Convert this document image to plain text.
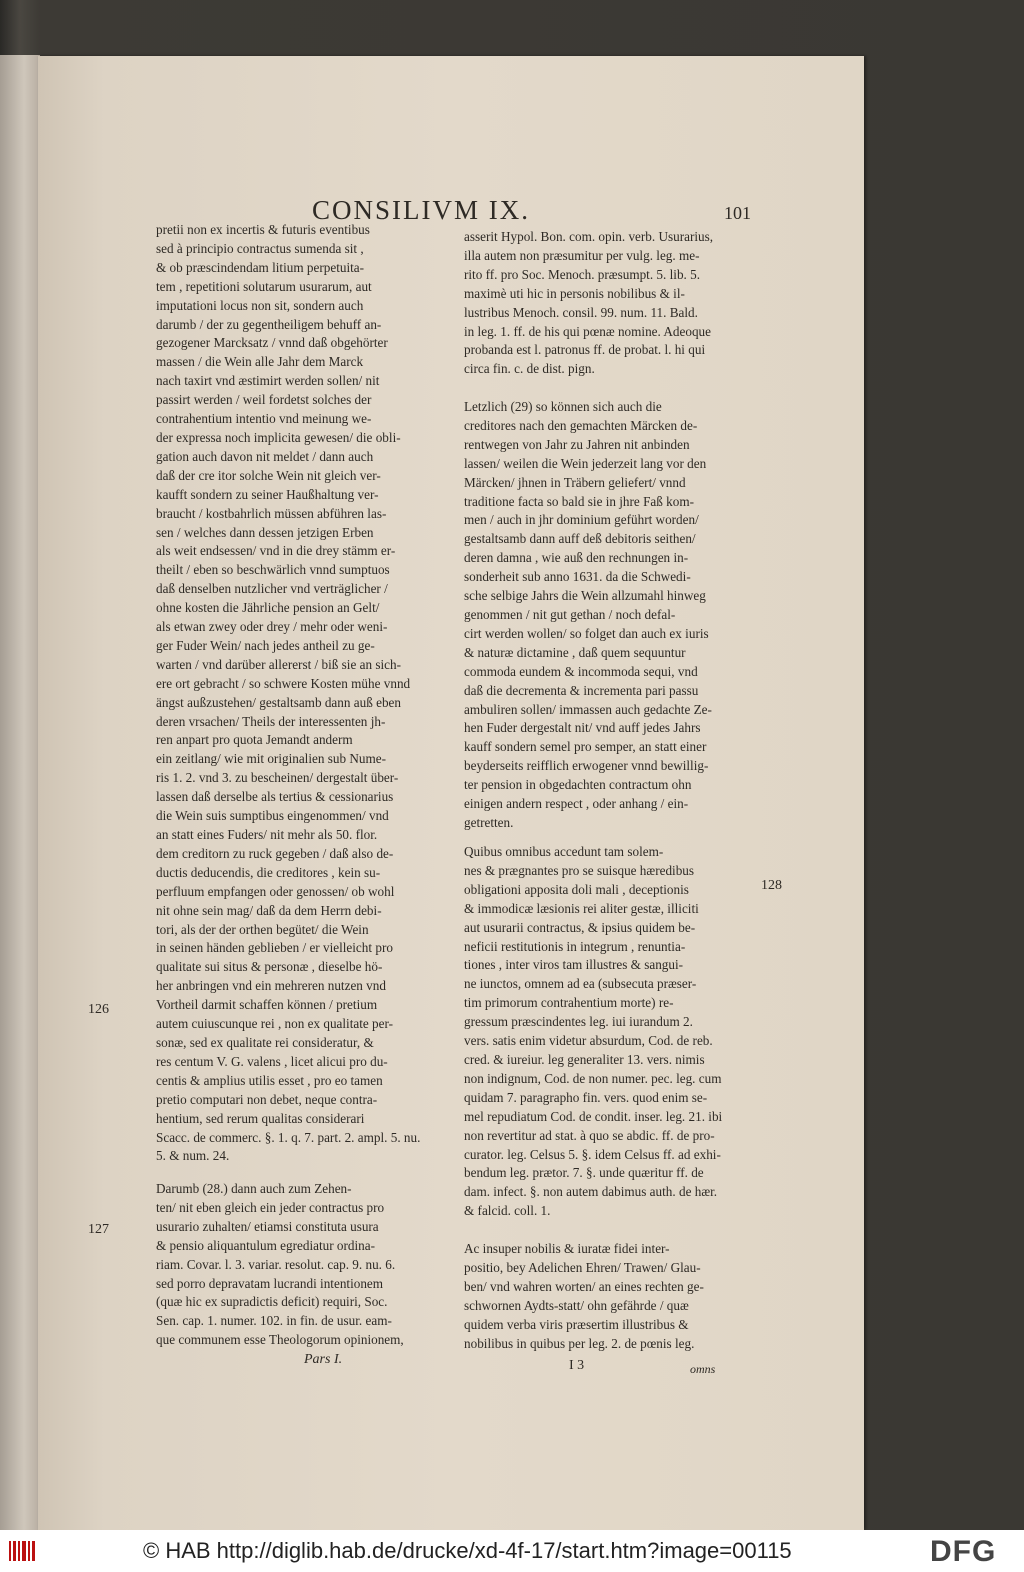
CONSILIVM IX.	101
pretii non ex incertis & futuris eventibus
sed à principio contractus sumenda sit ,
& ob præscindendam litium perpetuita-
tem , repetitioni solutarum usurarum, aut
imputationi locus non sit, sondern auch
darumb / der zu gegentheiligem behuff an-
gezogener Marcksatz / vnnd daß obgehörter
massen / die Wein alle Jahr dem Marck
nach taxirt vnd æstimirt werden sollen/ nit
passirt werden / weil fordetst solches der
contrahentium intentio vnd meinung we-
der expressa noch implicita gewesen/ die obli-
gation auch davon nit meldet / dann auch
daß der cre itor solche Wein nit gleich ver-
kaufft sondern zu seiner Haußhaltung ver-
braucht / kostbahrlich müssen abführen las-
sen / welches dann dessen jetzigen Erben
als weit endsessen/ vnd in die drey stämm er-
theilt / eben so beschwärlich vnnd sumptuos
daß denselben nutzlicher vnd verträglicher /
ohne kosten die Jährliche pension an Gelt/
als etwan zwey oder drey / mehr oder weni-
ger Fuder Wein/ nach jedes antheil zu ge-
warten / vnd darüber allererst / biß sie an sich-
ere ort gebracht / so schwere Kosten mühe vnnd
ängst außzustehen/ gestaltsamb dann auß eben
deren vrsachen/ Theils der interessenten jh-
ren anpart pro quota Jemandt anderm
ein zeitlang/ wie mit originalien sub Nume-
ris 1. 2. vnd 3. zu bescheinen/ dergestalt über-
lassen daß derselbe als tertius & cessionarius
die Wein suis sumptibus eingenommen/ vnd
an statt eines Fuders/ nit mehr als 50. flor.
dem creditorn zu ruck gegeben / daß also de-
ductis deducendis, die creditores , kein su-
perfluum empfangen oder genossen/ ob wohl
nit ohne sein mag/ daß da dem Herrn debi-
tori, als der der orthen begütet/ die Wein
in seinen händen geblieben / er vielleicht pro
qualitate sui situs & personæ , dieselbe hö-
her anbringen vnd ein mehreren nutzen vnd
Vortheil darmit schaffen können / pretium
autem cuiuscunque rei , non ex qualitate per-
sonæ, sed ex qualitate rei consideratur, &
res centum V. G. valens , licet alicui pro du-
centis & amplius utilis esset , pro eo tamen
pretio computari non debet, neque contra-
hentium, sed rerum qualitas considerari
Scacc. de commerc. §. 1. q. 7. part. 2. ampl. 5. nu.
5. & num. 24.
Darumb (28.) dann auch zum Zehen-
ten/ nit eben gleich ein jeder contractus pro
usurario zuhalten/ etiamsi constituta usura
& pensio aliquantulum egrediatur ordina-
riam. Covar. l. 3. variar. resolut. cap. 9. nu. 6.
sed porro depravatam lucrandi intentionem
(quæ hic ex supradictis deficit) requiri, Soc.
Sen. cap. 1. numer. 102. in fin. de usur. eam-
que communem esse Theologorum opinionem,
asserit Hypol. Bon. com. opin. verb. Usurarius,
illa autem non præsumitur per vulg. leg. me-
rito ff. pro Soc. Menoch. præsumpt. 5. lib. 5.
maximè uti hic in personis nobilibus & il-
lustribus Menoch. consil. 99. num. 11. Bald.
in leg. 1. ff. de his qui pœnæ nomine. Adeoque
probanda est l. patronus ff. de probat. l. hi qui
circa fin. c. de dist. pign.
Letzlich (29) so können sich auch die
creditores nach den gemachten Märcken de-
rentwegen von Jahr zu Jahren nit anbinden
lassen/ weilen die Wein jederzeit lang vor den
Märcken/ jhnen in Träbern geliefert/ vnnd
traditione facta so bald sie in jhre Faß kom-
men / auch in jhr dominium geführt worden/
gestaltsamb dann auff deß debitoris seithen/
deren damna , wie auß den rechnungen in-
sonderheit sub anno 1631. da die Schwedi-
sche selbige Jahrs die Wein allzumahl hinweg
genommen / nit gut gethan / noch defal-
cirt werden wollen/ so folget dan auch ex iuris
& naturæ dictamine , daß quem sequuntur
commoda eundem & incommoda sequi, vnd
daß die decrementa & incrementa pari passu
ambuliren sollen/ immassen auch gedachte Ze-
hen Fuder dergestalt nit/ vnd auff jedes Jahrs
kauff sondern semel pro semper, an statt einer
beyderseits reifflich erwogener vnnd bewillig-
ter pension in obgedachten contractum ohn
einigen andern respect , oder anhang / ein-
getretten.
Quibus omnibus accedunt tam solem-
nes & prægnantes pro se suisque hæredibus
obligationi apposita doli mali , deceptionis
& immodicæ læsionis rei aliter gestæ, illiciti
aut usurarii contractus, & ipsius quidem be-
neficii restitutionis in integrum , renuntia-
tiones , inter viros tam illustres & sangui-
ne iunctos, omnem ad ea (subsecuta præser-
tim primorum contrahentium morte) re-
gressum præscindentes leg. iui iurandum 2.
vers. satis enim videtur absurdum, Cod. de reb.
cred. & iureiur. leg generaliter 13. vers. nimis
non indignum, Cod. de non numer. pec. leg. cum
quidam 7. paragrapho fin. vers. quod enim se-
mel repudiatum Cod. de condit. inser. leg. 21. ibi
non revertitur ad stat. à quo se abdic. ff. de pro-
curator. leg. Celsus 5. §. idem Celsus ff. ad exhi-
bendum leg. prætor. 7. §. unde quæritur ff. de
dam. infect. §. non autem dabimus auth. de hær.
& falcid. coll. 1.
Ac insuper nobilis & iuratæ fidei inter-
positio, bey Adelichen Ehren/ Trawen/ Glau-
ben/ vnd wahren worten/ an eines rechten ge-
schwornen Aydts-statt/ ohn gefährde / quæ
quidem verba viris præsertim illustribus &
nobilibus in quibus per leg. 2. de pœnis leg.
126
127
128
Pars I.	I 3	omns
© HAB http://diglib.hab.de/drucke/xd-4f-17/start.htm?image=00115	DFG
